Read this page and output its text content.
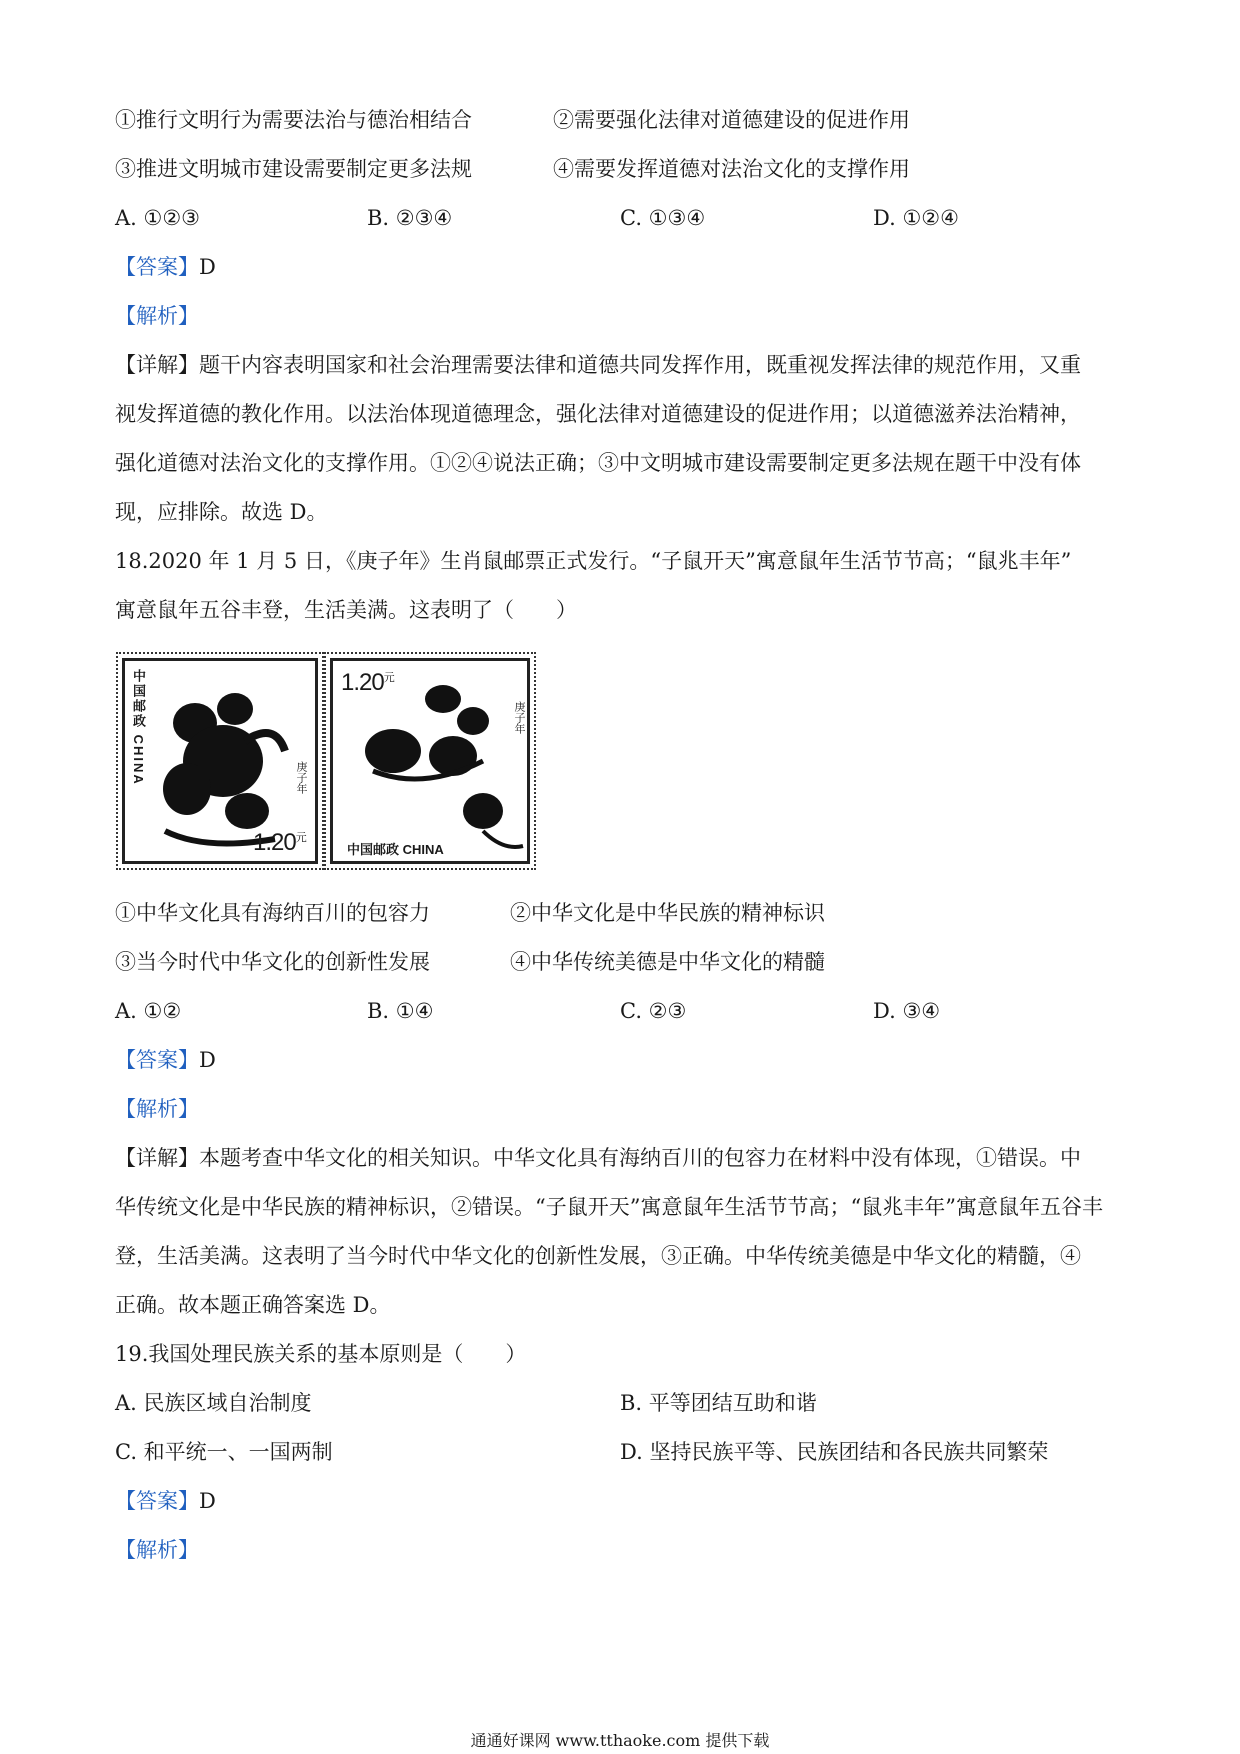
①推行文明行为需要法治与德治相结合	②需要强化法律对道德建设的促进作用
③推进文明城市建设需要制定更多法规	④需要发挥道德对法治文化的支撑作用
A. ①②③	B. ②③④	C. ①③④	D. ①②④
【答案】D
【解析】
【详解】题干内容表明国家和社会治理需要法律和道德共同发挥作用，既重视发挥法律的规范作用，又重
视发挥道德的教化作用。以法治体现道德理念，强化法律对道德建设的促进作用；以道德滋养法治精神，
强化道德对法治文化的支撑作用。①②④说法正确；③中文明城市建设需要制定更多法规在题干中没有体
现，应排除。故选 D。
18.2020 年 1 月 5 日，《庚子年》生肖鼠邮票正式发行。“子鼠开天”寓意鼠年生活节节高；“鼠兆丰年”
寓意鼠年五谷丰登，生活美满。这表明了（　　）
中国邮政 CHINA	庚子年
$1.20^元$
$1.20^元$
庚子年
中国邮政 CHINA
①中华文化具有海纳百川的包容力	②中华文化是中华民族的精神标识
③当今时代中华文化的创新性发展	④中华传统美德是中华文化的精髓
A. ①②	B. ①④	C. ②③	D. ③④
【答案】D
【解析】
【详解】本题考查中华文化的相关知识。中华文化具有海纳百川的包容力在材料中没有体现，①错误。中
华传统文化是中华民族的精神标识，②错误。“子鼠开天”寓意鼠年生活节节高；“鼠兆丰年”寓意鼠年五谷丰
登，生活美满。这表明了当今时代中华文化的创新性发展，③正确。中华传统美德是中华文化的精髓，④
正确。故本题正确答案选 D。
19.我国处理民族关系的基本原则是（　　）
A. 民族区域自治制度	B. 平等团结互助和谐
C. 和平统一、一国两制	D. 坚持民族平等、民族团结和各民族共同繁荣
【答案】D
【解析】
通通好课网 www.tthaoke.com 提供下载
